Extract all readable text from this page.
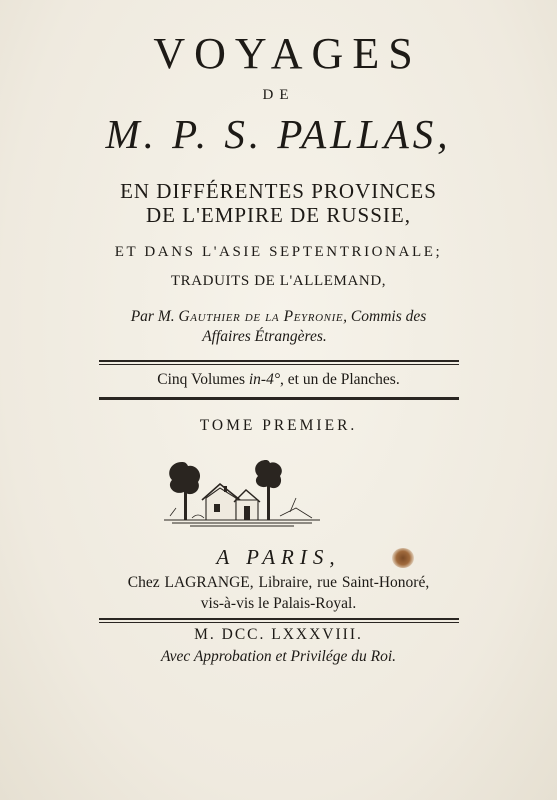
VOYAGES
DE
M. P. S. PALLAS,
EN DIFFÉRENTES PROVINCES
DE L'EMPIRE DE RUSSIE,
ET DANS L'ASIE SEPTENTRIONALE;
TRADUITS DE L'ALLEMAND,
Par M. Gauthier de la Peyronie, Commis des
Affaires Étrangères.
Cinq Volumes in-4°, et un de Planches.
TOME PREMIER.
A PARIS,
Chez LAGRANGE, Libraire, rue Saint-Honoré,
vis-à-vis le Palais-Royal.
M. DCC. LXXXVIII.
Avec Approbation et Privilége du Roi.
